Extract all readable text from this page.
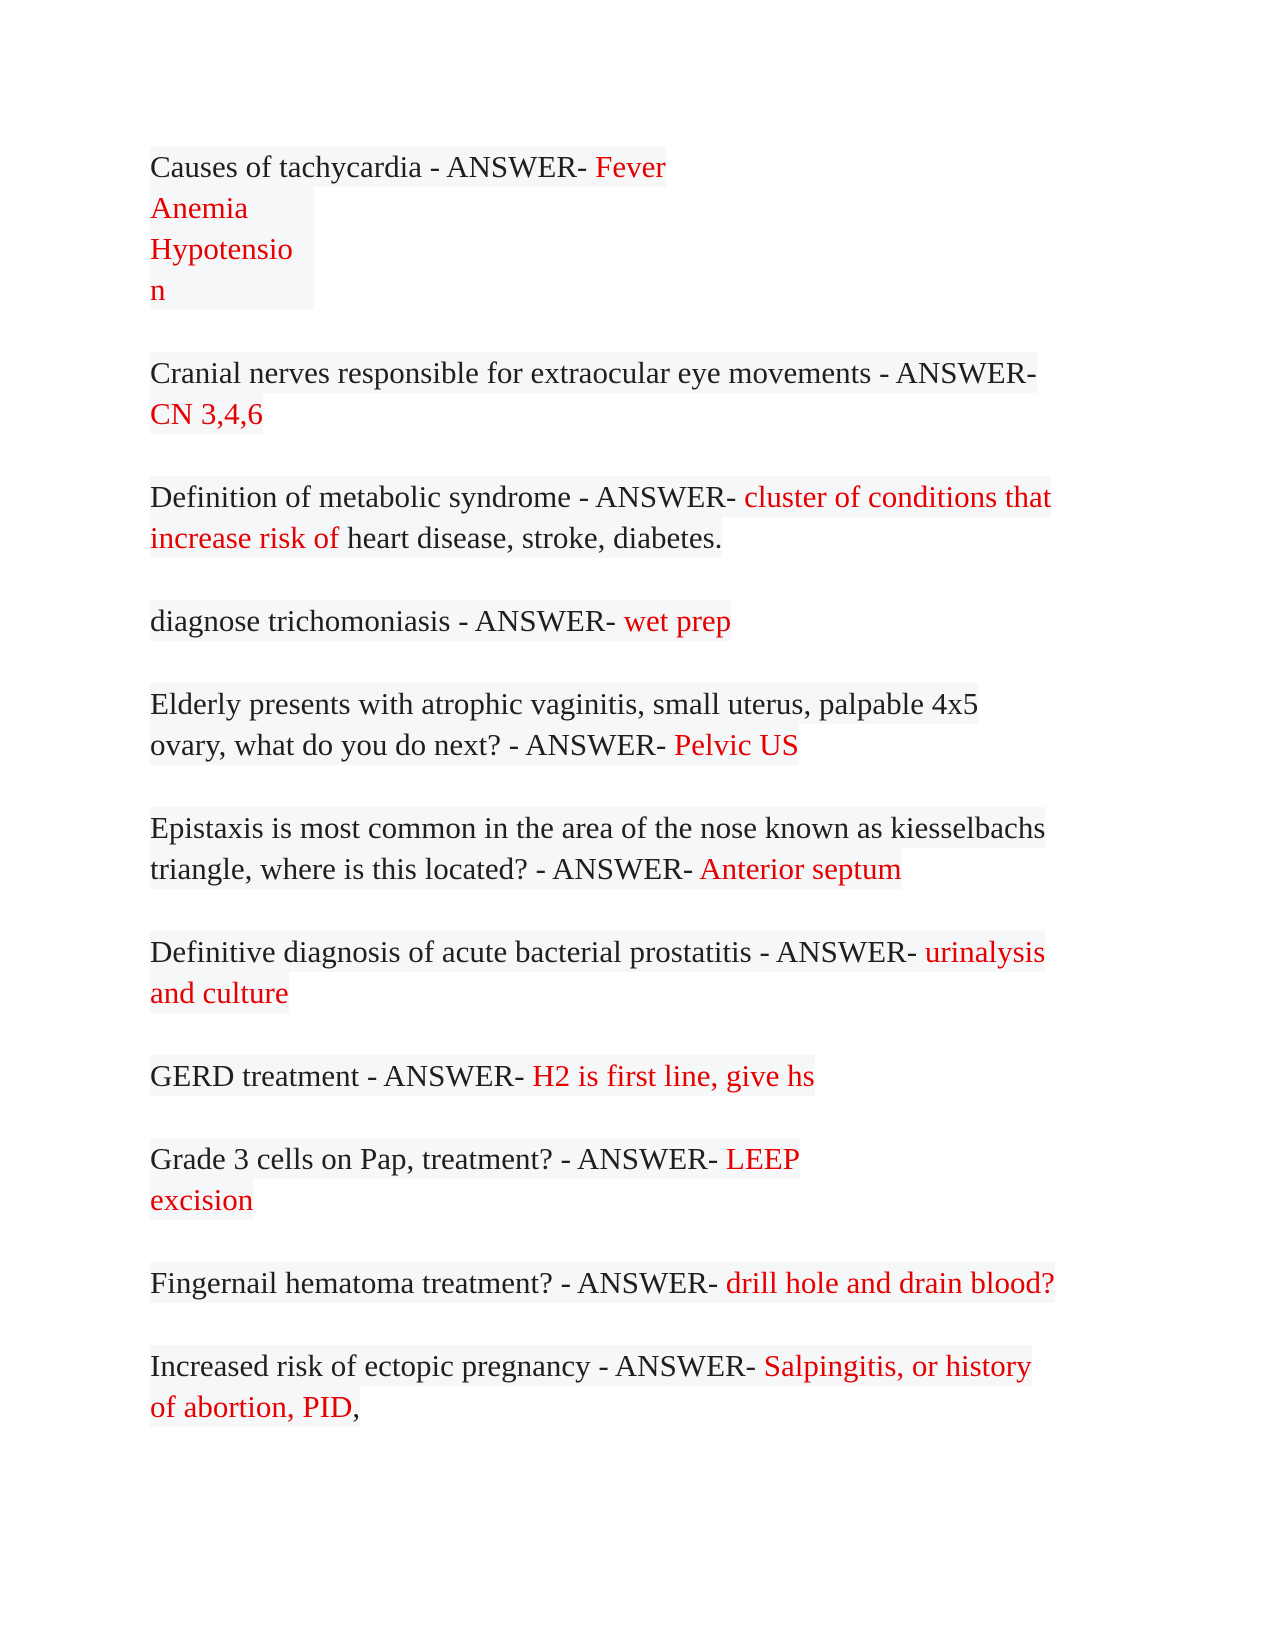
Causes of tachycardia - ANSWER- Fever
Anemia
Hypotensio
n
Cranial nerves responsible for extraocular eye movements - ANSWER-
CN 3,4,6
Definition of metabolic syndrome - ANSWER- cluster of conditions that
increase risk of heart disease, stroke, diabetes.
diagnose trichomoniasis - ANSWER- wet prep
Elderly presents with atrophic vaginitis, small uterus, palpable 4x5
ovary, what do you do next? - ANSWER- Pelvic US
Epistaxis is most common in the area of the nose known as kiesselbachs
triangle, where is this located? - ANSWER- Anterior septum
Definitive diagnosis of acute bacterial prostatitis - ANSWER- urinalysis
and culture
GERD treatment - ANSWER- H2 is first line, give hs
Grade 3 cells on Pap, treatment? - ANSWER- LEEP
excision
Fingernail hematoma treatment? - ANSWER- drill hole and drain blood?
Increased risk of ectopic pregnancy - ANSWER- Salpingitis, or history
of abortion, PID,
